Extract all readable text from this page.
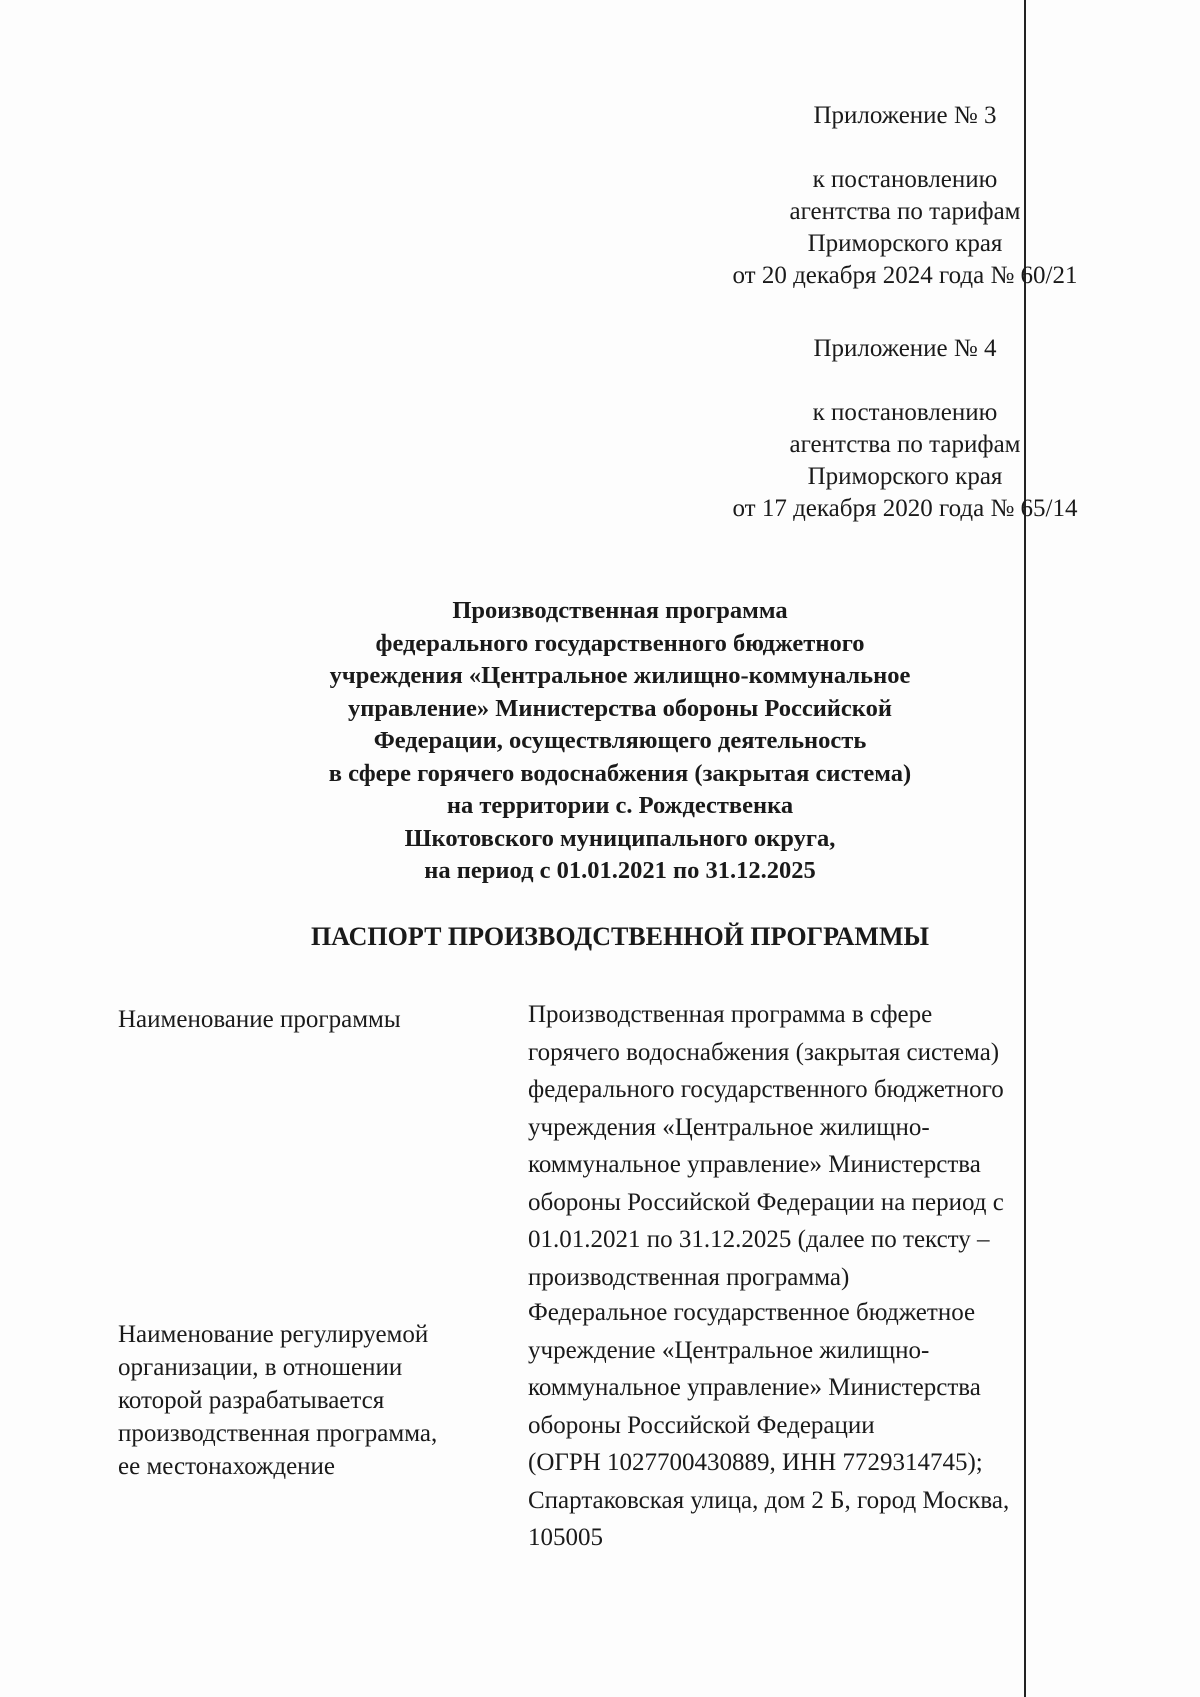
Приложение № 3
к постановлению
агентства по тарифам
Приморского края
от 20 декабря 2024 года № 60/21
Приложение № 4
к постановлению
агентства по тарифам
Приморского края
от 17 декабря 2020 года № 65/14
Производственная программа
федерального государственного бюджетного
учреждения «Центральное жилищно-коммунальное
управление» Министерства обороны Российской
Федерации, осуществляющего деятельность
в сфере горячего водоснабжения (закрытая система)
на территории с. Рождественка
Шкотовского муниципального округа,
на период с 01.01.2021 по 31.12.2025
ПАСПОРТ ПРОИЗВОДСТВЕННОЙ ПРОГРАММЫ
Наименование программы	Производственная программа в сфере
горячего водоснабжения (закрытая система)
федерального государственного бюджетного
учреждения «Центральное жилищно-
коммунальное управление» Министерства
обороны Российской Федерации на период с
01.01.2021 по 31.12.2025 (далее по тексту –
производственная программа)
Наименование регулируемой
организации, в отношении
которой разрабатывается
производственная программа,
ее местонахождение
Федеральное государственное бюджетное
учреждение «Центральное жилищно-
коммунальное управление» Министерства
обороны Российской Федерации
(ОГРН 1027700430889, ИНН 7729314745);
Спартаковская улица, дом 2 Б, город Москва,
105005
